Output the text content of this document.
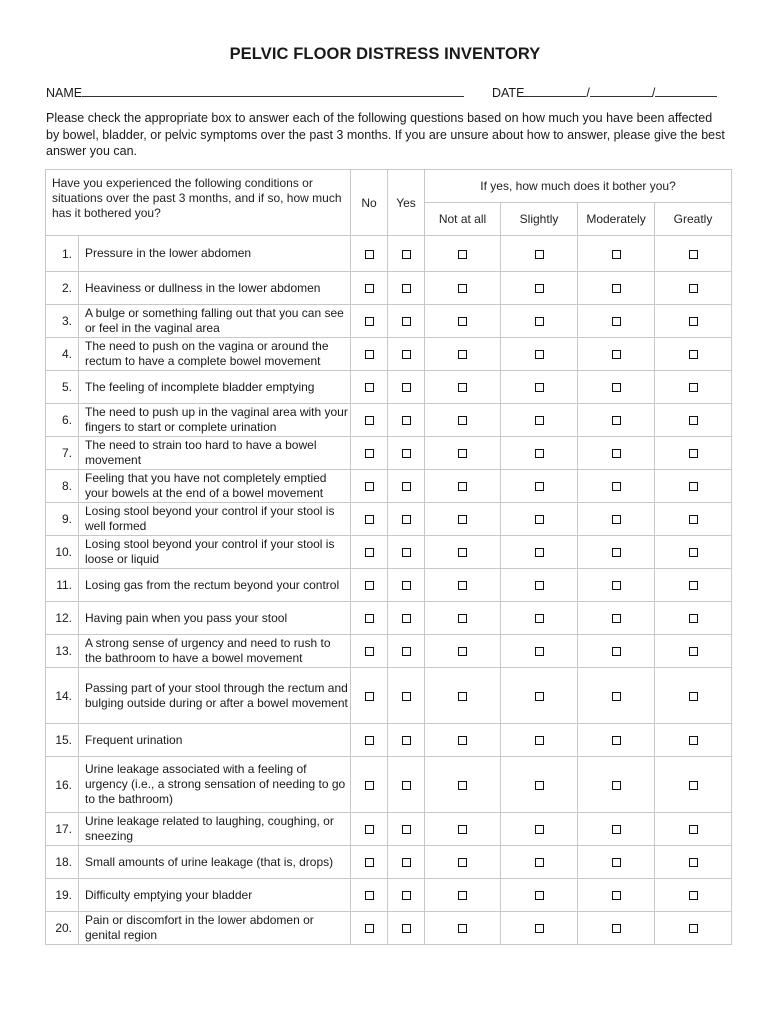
PELVIC FLOOR DISTRESS INVENTORY
NAME	DATE	/	/

Please check the appropriate box to answer each of the following questions based on how much you have been affected by bowel, bladder, or pelvic symptoms over the past 3 months. If you are unsure about how to answer, please give the best answer you can.

Have you experienced the following conditions or situations over the past 3 months, and if so, how much has it bothered you?		No	Yes	If yes, how much does it bother you?			
				Not at all	Slightly	Moderately	Greatly
1.	Pressure in the lower abdomen						
2.	Heaviness or dullness in the lower abdomen						
3.	A bulge or something falling out that you can see or feel in the vaginal area						
4.	The need to push on the vagina or around the rectum to have a complete bowel movement						
5.	The feeling of incomplete bladder emptying						
6.	The need to push up in the vaginal area with your fingers to start or complete urination						
7.	The need to strain too hard to have a bowel movement						
8.	Feeling that you have not completely emptied your bowels at the end of a bowel movement						
9.	Losing stool beyond your control if your stool is well formed						
10.	Losing stool beyond your control if your stool is loose or liquid						
11.	Losing gas from the rectum beyond your control						
12.	Having pain when you pass your stool						
13.	A strong sense of urgency and need to rush to the bathroom to have a bowel movement						
14.	Passing part of your stool through the rectum and bulging outside during or after a bowel movement						
15.	Frequent urination						
16.	Urine leakage associated with a feeling of urgency (i.e., a strong sensation of needing to go to the bathroom)						
17.	Urine leakage related to laughing, coughing, or sneezing						
18.	Small amounts of urine leakage (that is, drops)						
19.	Difficulty emptying your bladder						
20.	Pain or discomfort in the lower abdomen or genital region						
